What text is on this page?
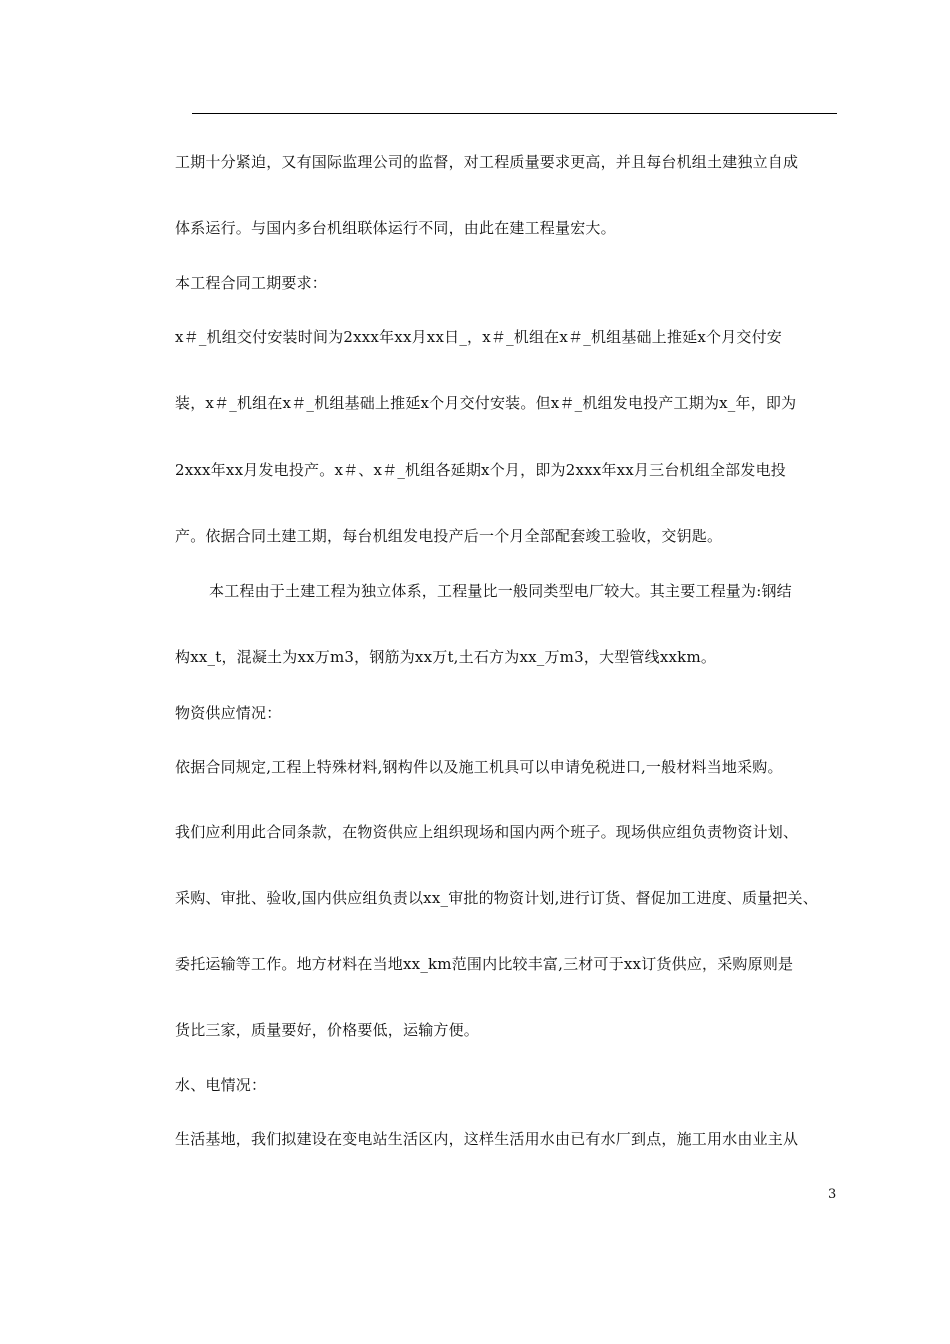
工期十分紧迫，又有国际监理公司的监督，对工程质量要求更高，并且每台机组土建独立自成
体系运行。与国内多台机组联体运行不同，由此在建工程量宏大。
本工程合同工期要求：
x＃_机组交付安装时间为2xxx年xx月xx日_，x＃_机组在x＃_机组基础上推延x个月交付安
装，x＃_机组在x＃_机组基础上推延x个月交付安装。但x＃_机组发电投产工期为x_年，即为
2xxx年xx月发电投产。x＃、x＃_机组各延期x个月，即为2xxx年xx月三台机组全部发电投
产。依据合同土建工期，每台机组发电投产后一个月全部配套竣工验收，交钥匙。
本工程由于土建工程为独立体系，工程量比一般同类型电厂较大。其主要工程量为:钢结
构xx_t，混凝土为xx万m3，钢筋为xx万t,土石方为xx_万m3，大型管线xxkm。
物资供应情况：
依据合同规定,工程上特殊材料,钢构件以及施工机具可以申请免税进口,一般材料当地采购。
我们应利用此合同条款，在物资供应上组织现场和国内两个班子。现场供应组负责物资计划、
采购、审批、验收,国内供应组负责以xx_审批的物资计划,进行订货、督促加工进度、质量把关、
委托运输等工作。地方材料在当地xx_km范围内比较丰富,三材可于xx订货供应，采购原则是
货比三家，质量要好，价格要低，运输方便。
水、电情况：
生活基地，我们拟建设在变电站生活区内，这样生活用水由已有水厂到点，施工用水由业主从
3
